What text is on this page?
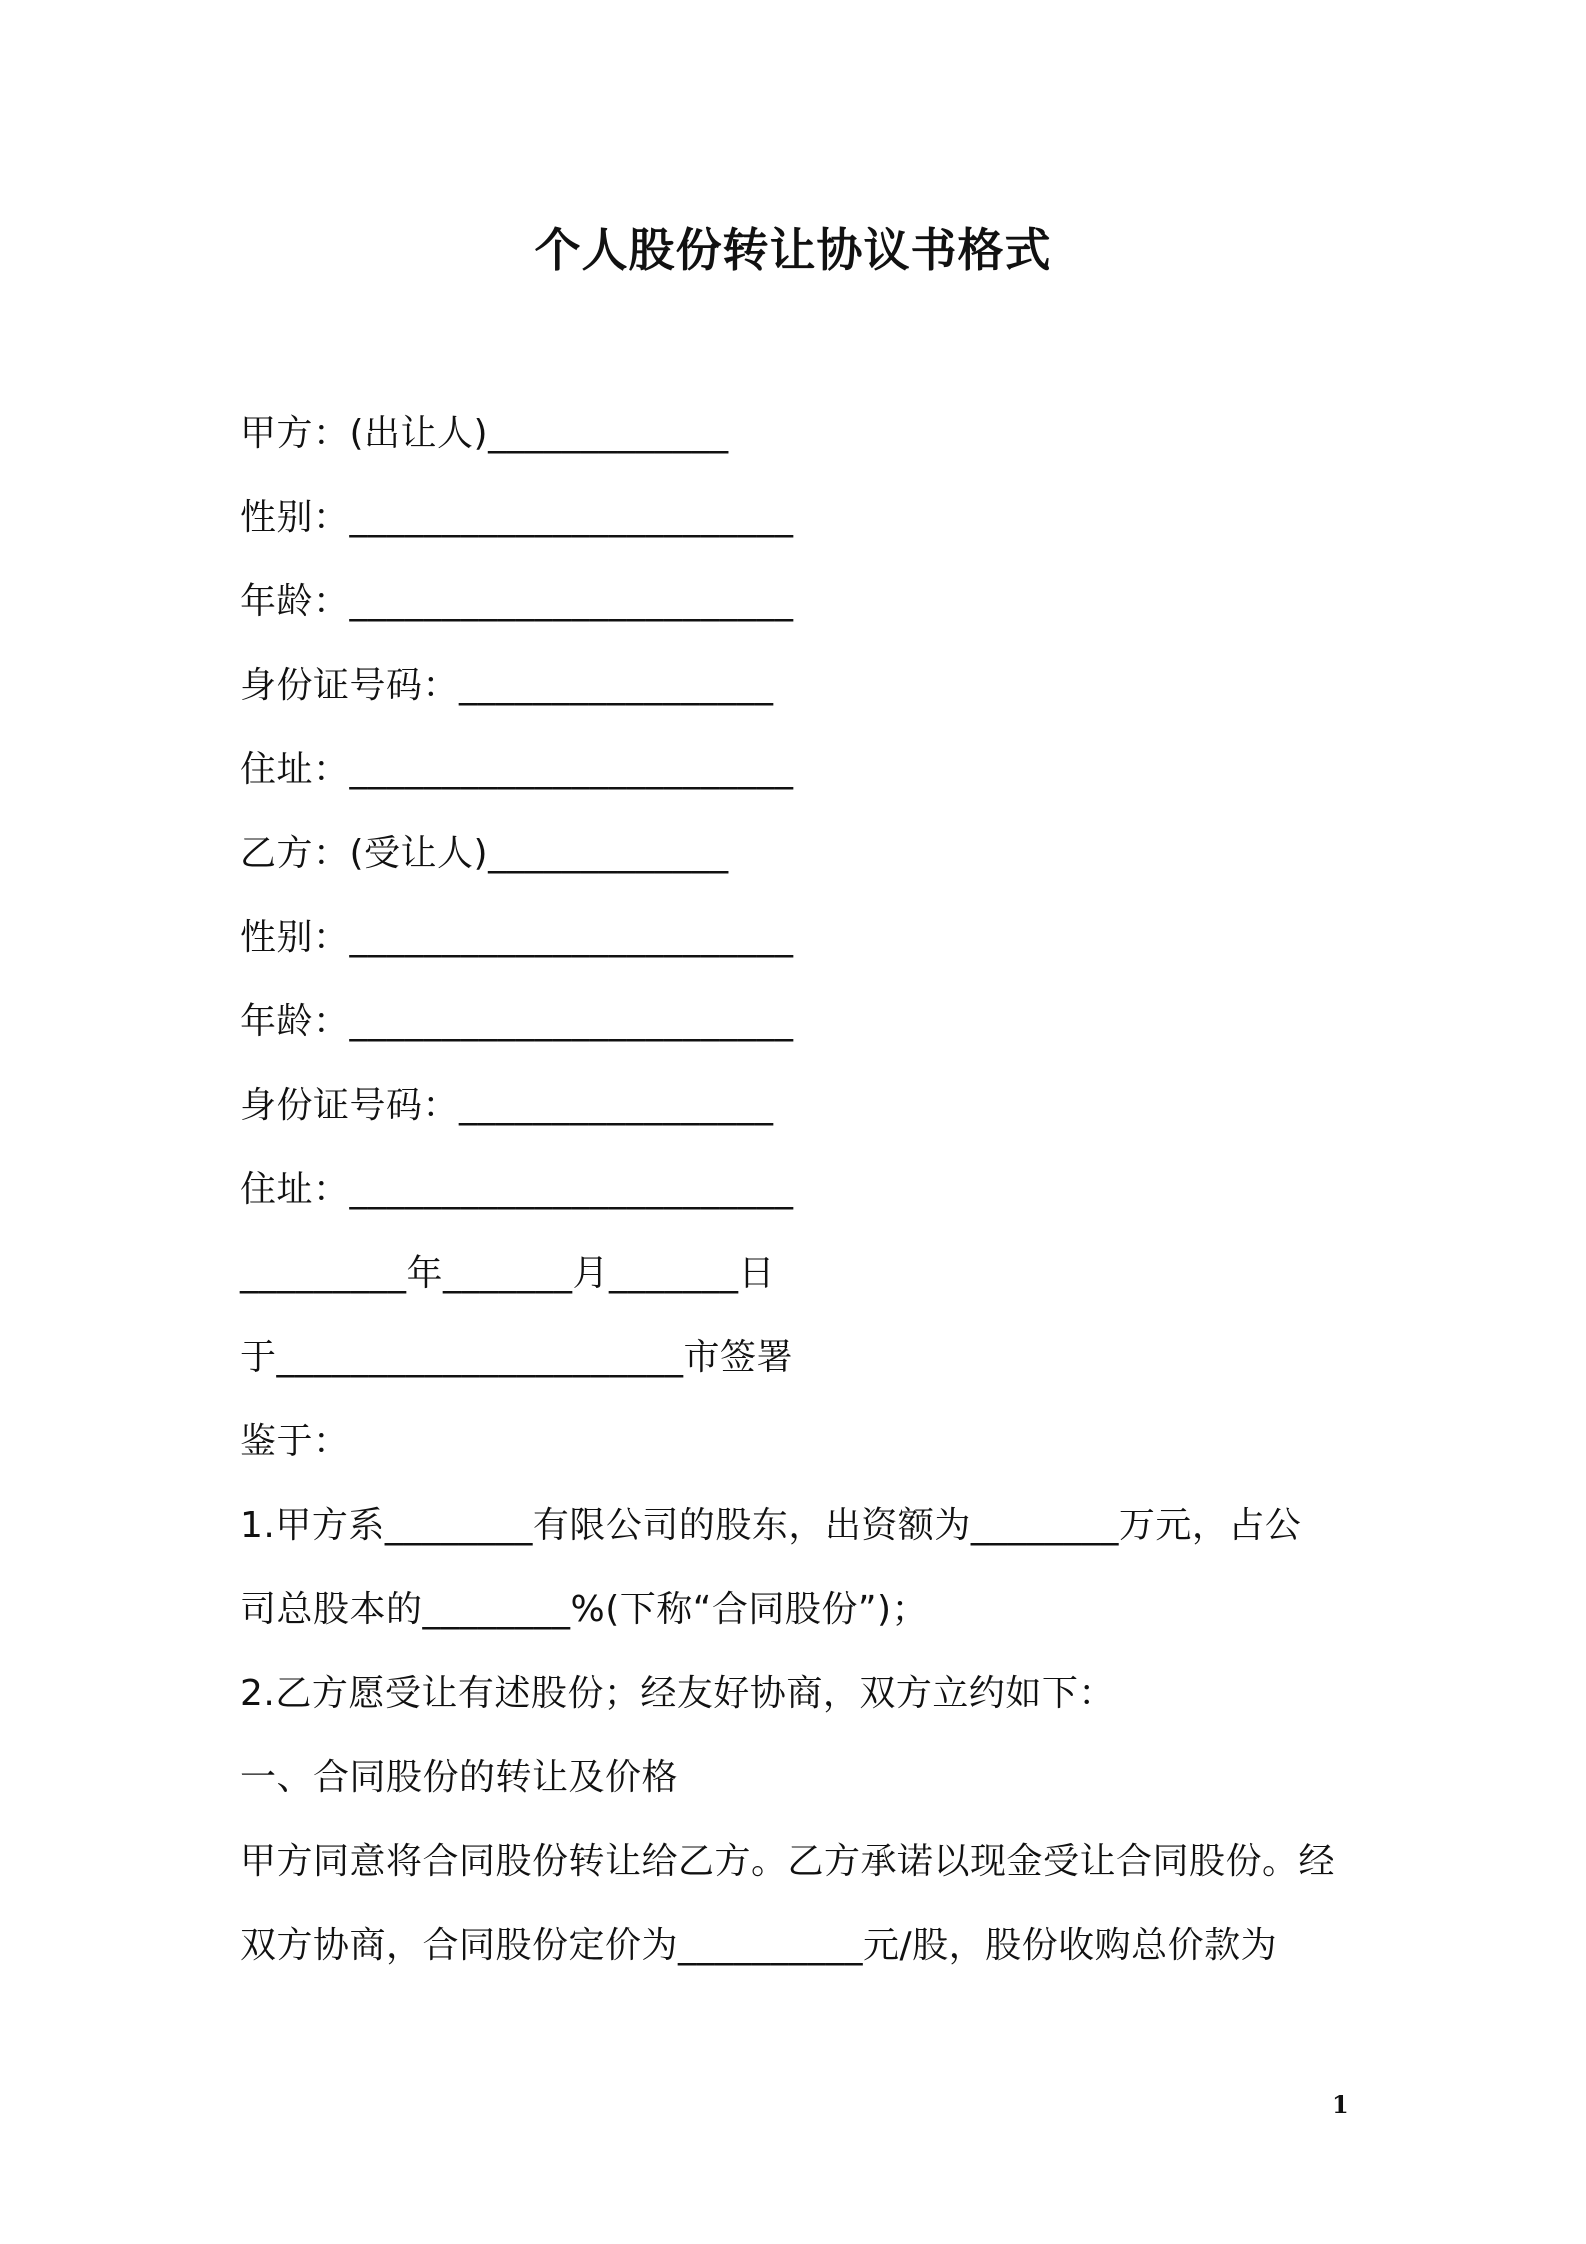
个人股份转让协议书格式
甲方：(出让人)_____________
性别：________________________
年龄：________________________
身份证号码：_________________
住址：________________________
乙方：(受让人)_____________
性别：________________________
年龄：________________________
身份证号码：_________________
住址：________________________
_________年_______月_______日
于______________________市签署
鉴于：
1.甲方系________有限公司的股东，出资额为________万元，占公
司总股本的________%(下称“合同股份”)；
2.乙方愿受让有述股份；经友好协商，双方立约如下：
一、合同股份的转让及价格
甲方同意将合同股份转让给乙方。乙方承诺以现金受让合同股份。经
双方协商，合同股份定价为__________元/股，股份收购总价款为
1
